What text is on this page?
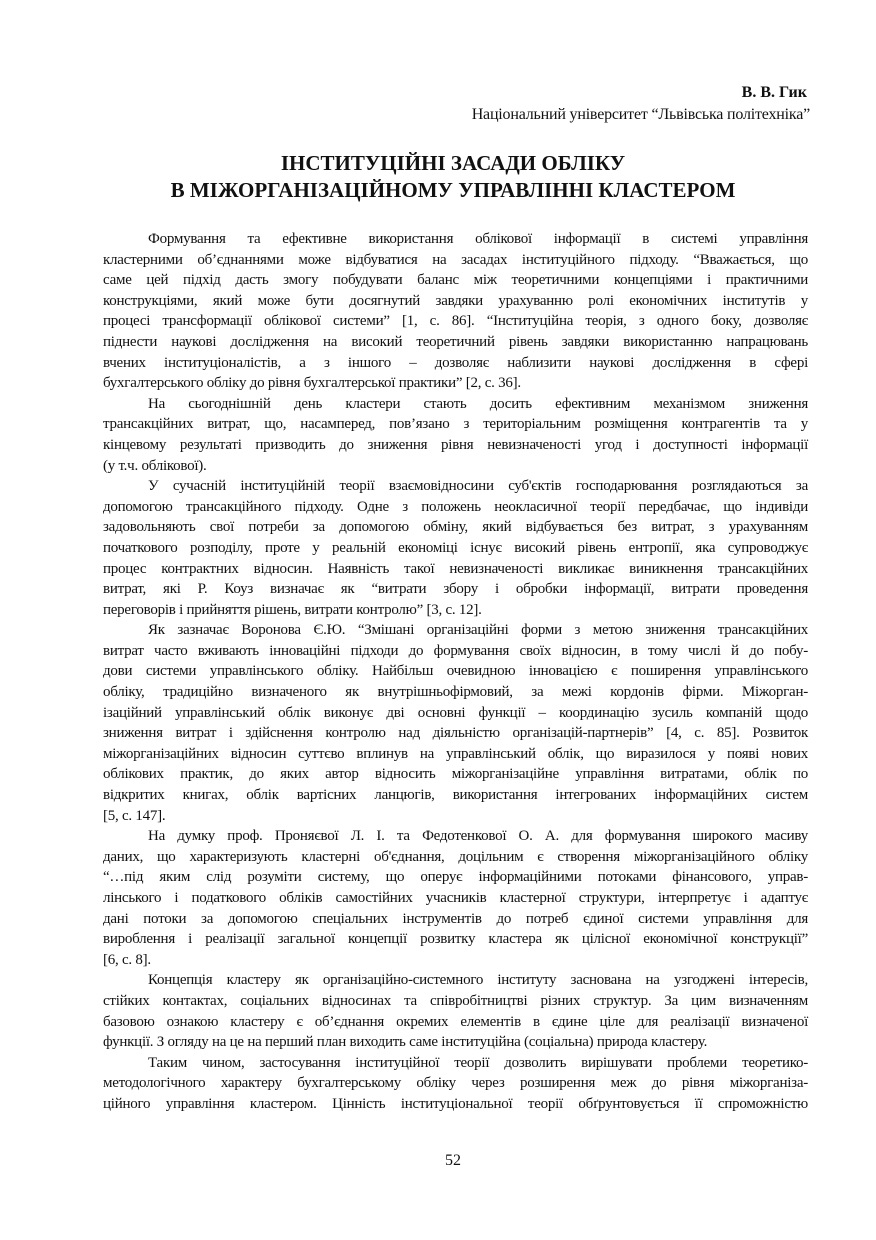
В. В. Гик
Національний університет “Львівська політехніка”
ІНСТИТУЦІЙНІ ЗАСАДИ ОБЛІКУ
В МІЖОРГАНІЗАЦІЙНОМУ УПРАВЛІННІ КЛАСТЕРОМ
Формування та ефективне використання облікової інформації в системі управління
кластерними об’єднаннями може відбуватися на засадах інституційного підходу. “Вважається, що
саме цей підхід дасть змогу побудувати баланс між теоретичними концепціями і практичними
конструкціями, який може бути досягнутий завдяки урахуванню ролі економічних інститутів у
процесі трансформації облікової системи” [1, с. 86]. “Інституційна теорія, з одного боку, дозволяє
піднести наукові дослідження на високий теоретичний рівень завдяки використанню напрацювань
вчених інституціоналістів, а з іншого – дозволяє наблизити наукові дослідження в сфері
бухгалтерського обліку до рівня бухгалтерської практики” [2, с. 36].
На сьогоднішній день кластери стають досить ефективним механізмом зниження
трансакційних витрат, що, насамперед, пов’язано з територіальним розміщення контрагентів та у
кінцевому результаті призводить до зниження рівня невизначеності угод і доступності інформації
(у т.ч. облікової).
У сучасній інституційній теорії взаємовідносини суб'єктів господарювання розглядаються за
допомогою трансакційного підходу. Одне з положень неокласичної теорії передбачає, що індивіди
задовольняють свої потреби за допомогою обміну, який відбувається без витрат, з урахуванням
початкового розподілу, проте у реальній економіці існує високий рівень ентропії, яка супроводжує
процес контрактних відносин. Наявність такої невизначеності викликає виникнення трансакційних
витрат, які Р. Коуз визначає як “витрати збору і обробки інформації, витрати проведення
переговорів і прийняття рішень, витрати контролю” [3, с. 12].
Як зазначає Воронова Є.Ю. “Змішані організаційні форми з метою зниження трансакційних
витрат часто вживають інноваційні підходи до формування своїх відносин, в тому числі й до побу-
дови системи управлінського обліку. Найбільш очевидною інновацією є поширення управлінського
обліку, традиційно визначеного як внутрішньофірмовий, за межі кордонів фірми. Міжорган-
ізаційний управлінський облік виконує дві основні функції – координацію зусиль компаній щодо
зниження витрат і здійснення контролю над діяльністю організацій-партнерів” [4, с. 85]. Розвиток
міжорганізаційних відносин суттєво вплинув на управлінський облік, що виразилося у появі нових
облікових практик, до яких автор відносить міжорганізаційне управління витратами, облік по
відкритих книгах, облік вартісних ланцюгів, використання інтегрованих інформаційних систем
[5, с. 147].
На думку проф. Проняєвої Л. І. та Федотенкової О. А. для формування широкого масиву
даних, що характеризують кластерні об'єднання, доцільним є створення міжорганізаційного обліку
“…під яким слід розуміти систему, що оперує інформаційними потоками фінансового, управ-
лінського і податкового обліків самостійних учасників кластерної структури, інтерпретує і адаптує
дані потоки за допомогою спеціальних інструментів до потреб єдиної системи управління для
вироблення і реалізації загальної концепції розвитку кластера як цілісної економічної конструкції”
[6, с. 8].
Концепція кластеру як організаційно-системного інституту заснована на узгоджені інтересів,
стійких контактах, соціальних відносинах та співробітництві різних структур. За цим визначенням
базовою ознакою кластеру є об’єднання окремих елементів в єдине ціле для реалізації визначеної
функції. З огляду на це на перший план виходить саме інституційна (соціальна) природа кластеру.
Таким чином, застосування інституційної теорії дозволить вирішувати проблеми теоретико-
методологічного характеру бухгалтерському обліку через розширення меж до рівня міжорганіза-
ційного управління кластером. Цінність інституціональної теорії обґрунтовується її спроможністю
52
